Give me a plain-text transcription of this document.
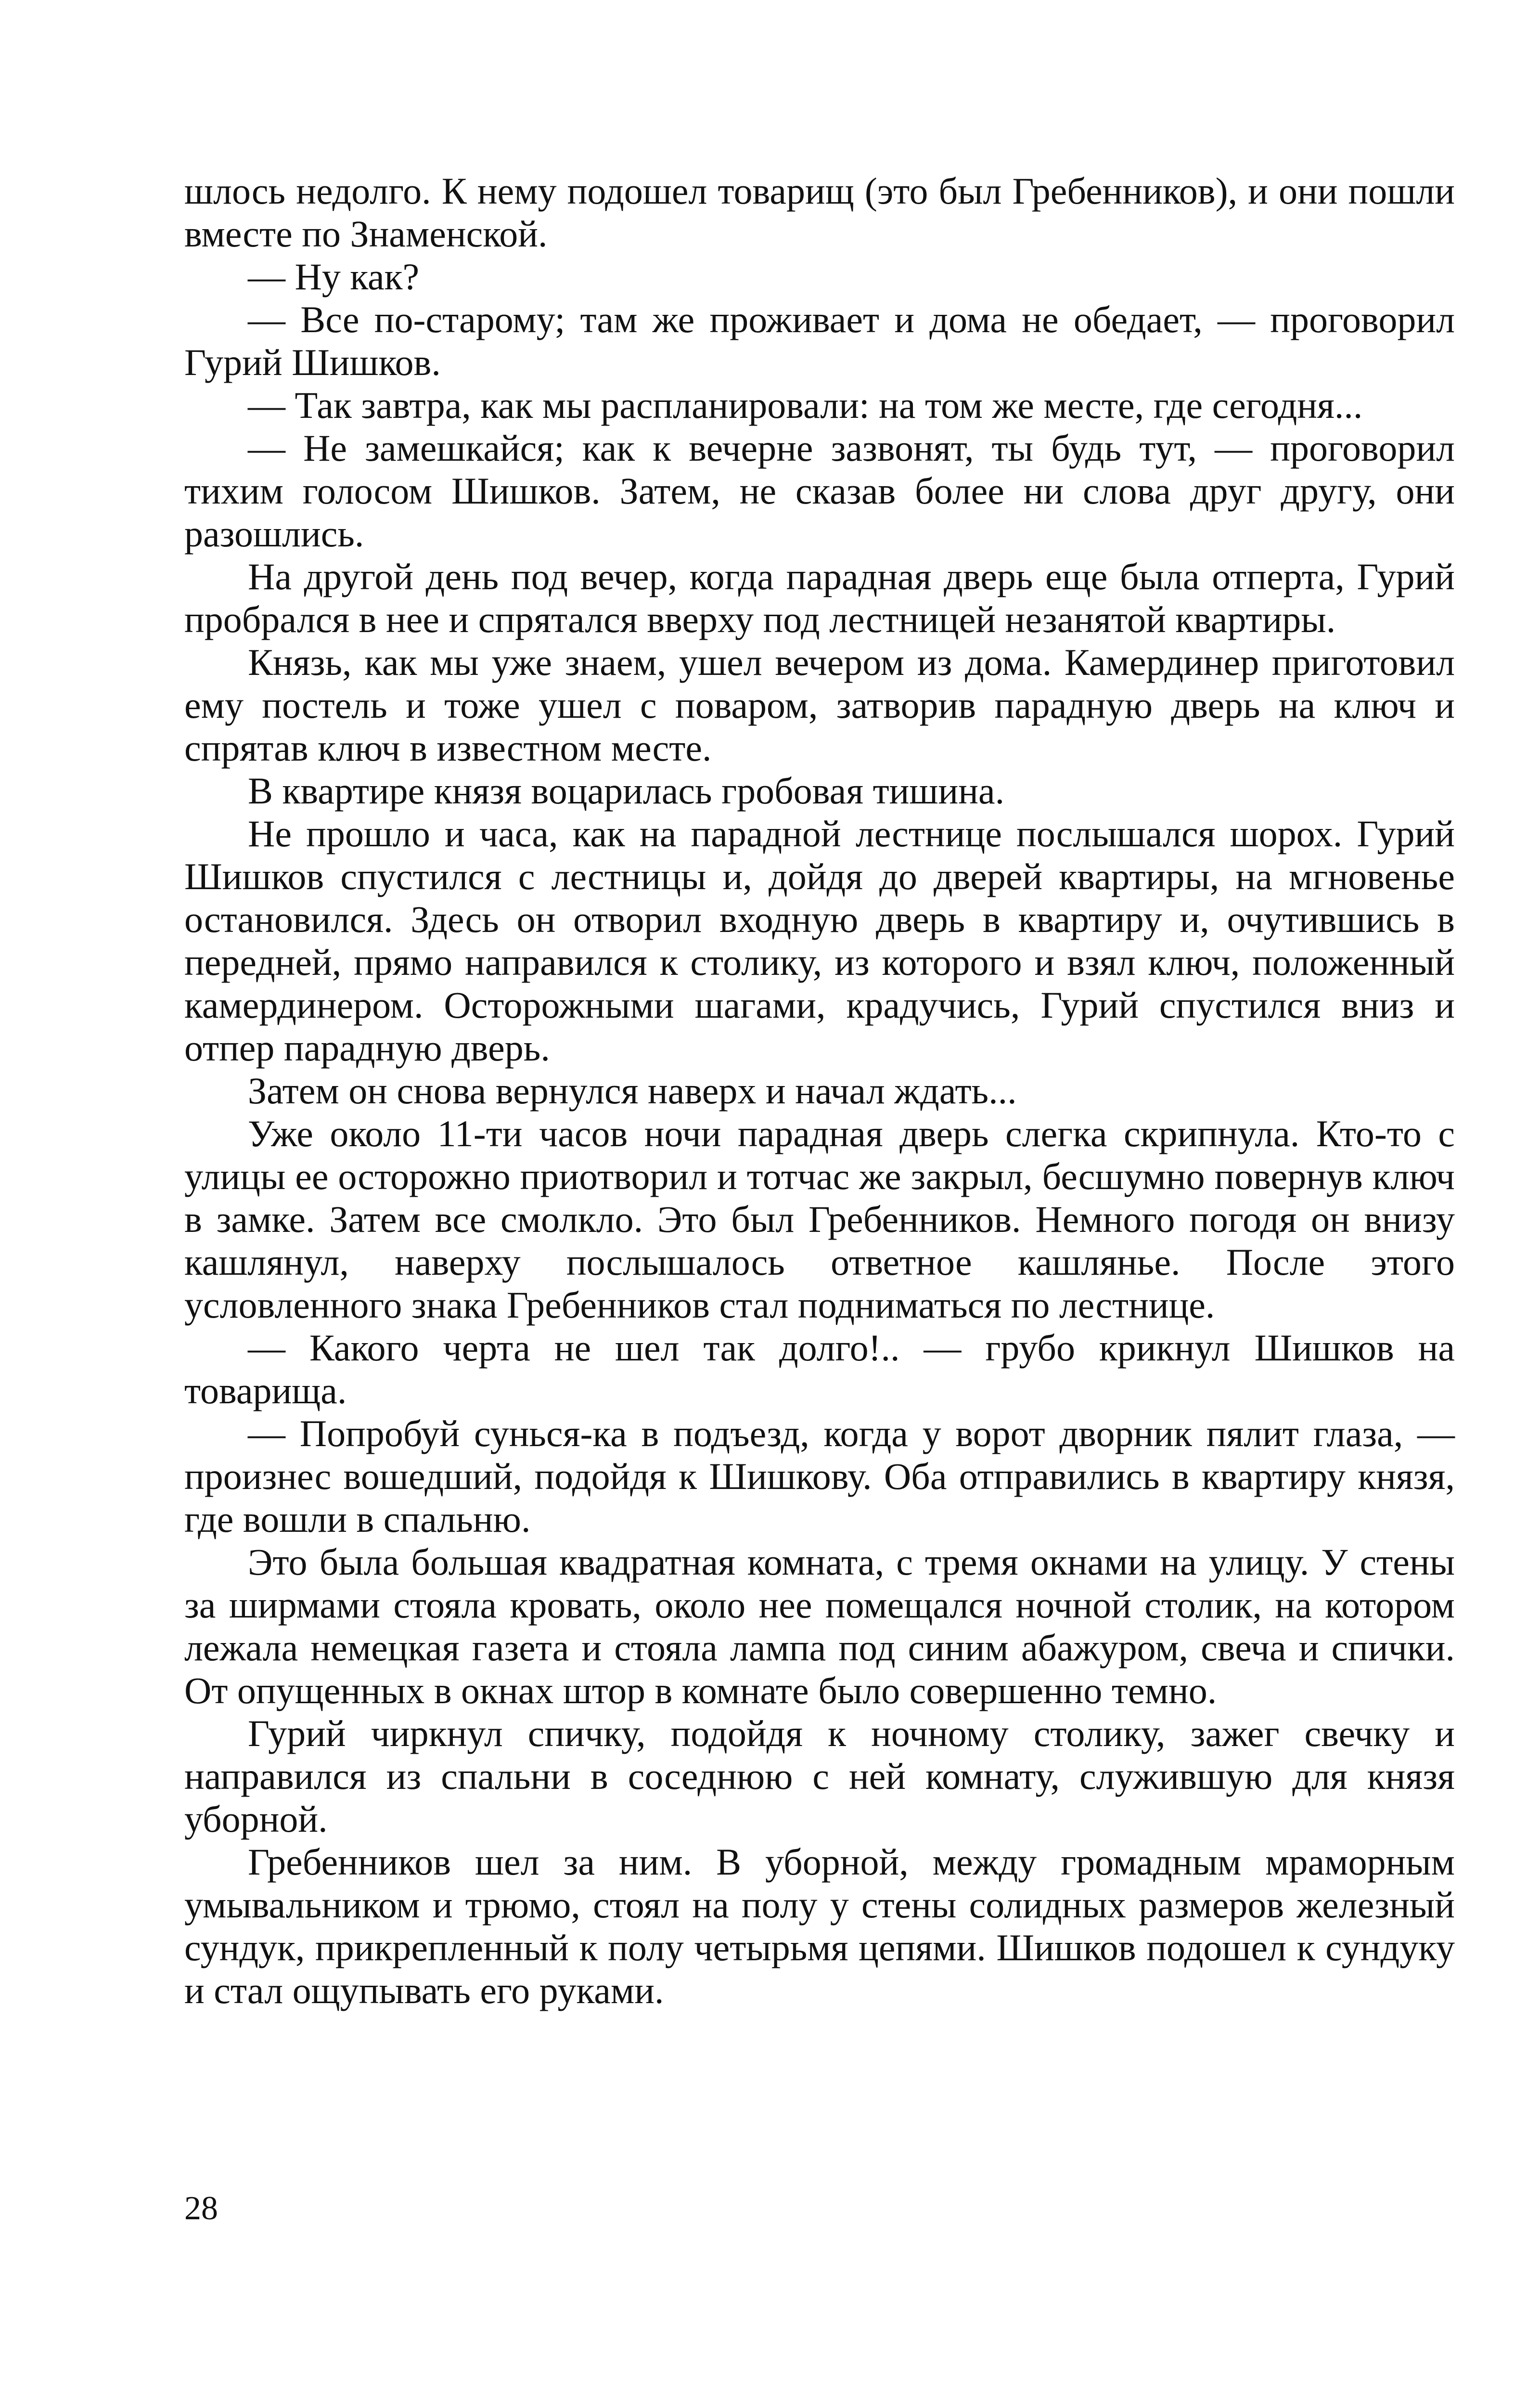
шлось недолго. К нему подошел товарищ (это был Гребенников), и они пошли вместе по Знаменской.

— Ну как?

— Все по-старому; там же проживает и дома не обедает, — проговорил Гурий Шишков.

— Так завтра, как мы распланировали: на том же месте, где сегодня...

— Не замешкайся; как к вечерне зазвонят, ты будь тут, — проговорил тихим голосом Шишков. Затем, не сказав более ни слова друг другу, они разошлись.

На другой день под вечер, когда парадная дверь еще была отперта, Гурий пробрался в нее и спрятался вверху под лестницей незанятой квартиры.

Князь, как мы уже знаем, ушел вечером из дома. Камердинер приготовил ему постель и тоже ушел с поваром, затворив парадную дверь на ключ и спрятав ключ в известном месте.

В квартире князя воцарилась гробовая тишина.

Не прошло и часа, как на парадной лестнице послышался шорох. Гурий Шишков спустился с лестницы и, дойдя до дверей квартиры, на мгновенье остановился. Здесь он отворил входную дверь в квартиру и, очутившись в передней, прямо направился к столику, из которого и взял ключ, положенный камердинером. Осторожными шагами, крадучись, Гурий спустился вниз и отпер парадную дверь.

Затем он снова вернулся наверх и начал ждать...

Уже около 11-ти часов ночи парадная дверь слегка скрипнула. Кто-то с улицы ее осторожно приотворил и тотчас же закрыл, бесшумно повернув ключ в замке. Затем все смолкло. Это был Гребенников. Немного погодя он внизу кашлянул, наверху послышалось ответное кашлянье. После этого условленного знака Гребенников стал подниматься по лестнице.

— Какого черта не шел так долго!.. — грубо крикнул Шишков на товарища.

— Попробуй сунься-ка в подъезд, когда у ворот дворник пялит глаза, — произнес вошедший, подойдя к Шишкову. Оба отправились в квартиру князя, где вошли в спальню.

Это была большая квадратная комната, с тремя окнами на улицу. У стены за ширмами стояла кровать, около нее помещался ночной столик, на котором лежала немецкая газета и стояла лампа под синим абажуром, свеча и спички. От опущенных в окнах штор в комнате было совершенно темно.

Гурий чиркнул спичку, подойдя к ночному столику, зажег свечку и направился из спальни в соседнюю с ней комнату, служившую для князя уборной.

Гребенников шел за ним. В уборной, между громадным мраморным умывальником и трюмо, стоял на полу у стены солидных размеров железный сундук, прикрепленный к полу четырьмя цепями. Шишков подошел к сундуку и стал ощупывать его руками.

28
